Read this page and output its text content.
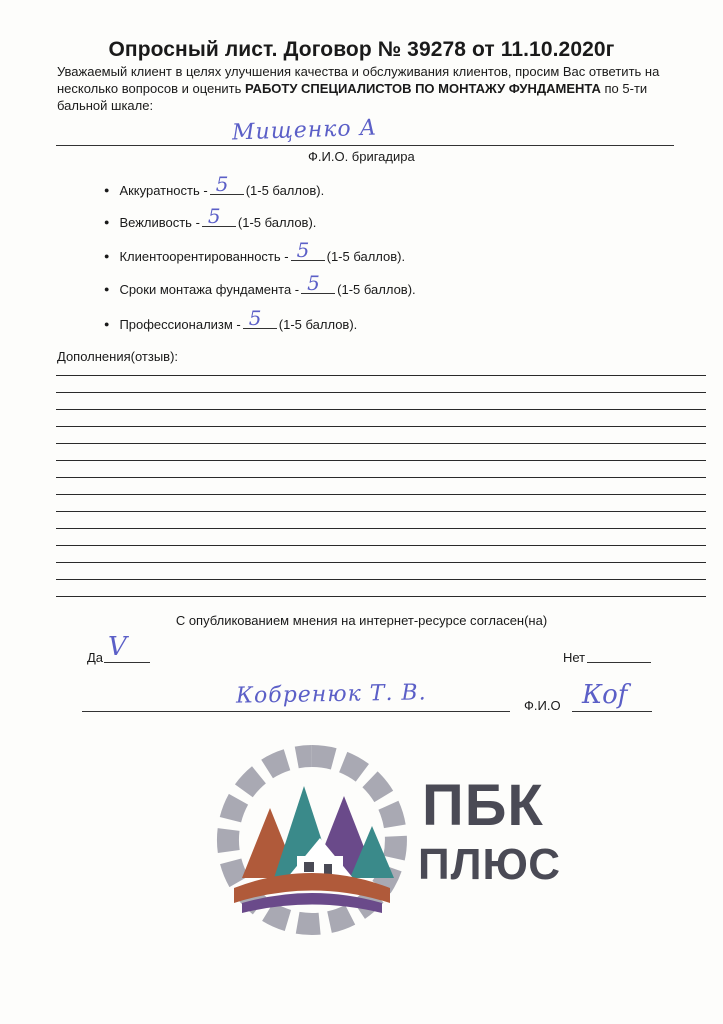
Опросный лист. Договор № 39278 от 11.10.2020г
Уважаемый клиент в целях улучшения качества и обслуживания клиентов, просим Вас ответить на несколько вопросов и оценить РАБОТУ СПЕЦИАЛИСТОВ ПО МОНТАЖУ ФУНДАМЕНТА по 5-ти бальной шкале:
Мищенко А
Ф.И.О. бригадира
● Аккуратность - 5 (1-5 баллов).
● Вежливость - 5 (1-5 баллов).
● Клиентоорентированность - 5 (1-5 баллов).
● Сроки монтажа фундамента - 5 (1-5 баллов).
● Профессионализм - 5 (1-5 баллов).
Дополнения(отзыв):
С опубликованием мнения на интернет-ресурсе согласен(на)
Да V	Нет
Кобренюк Т. В.	Ф.И.О Коf
ПБК
ПЛЮС
